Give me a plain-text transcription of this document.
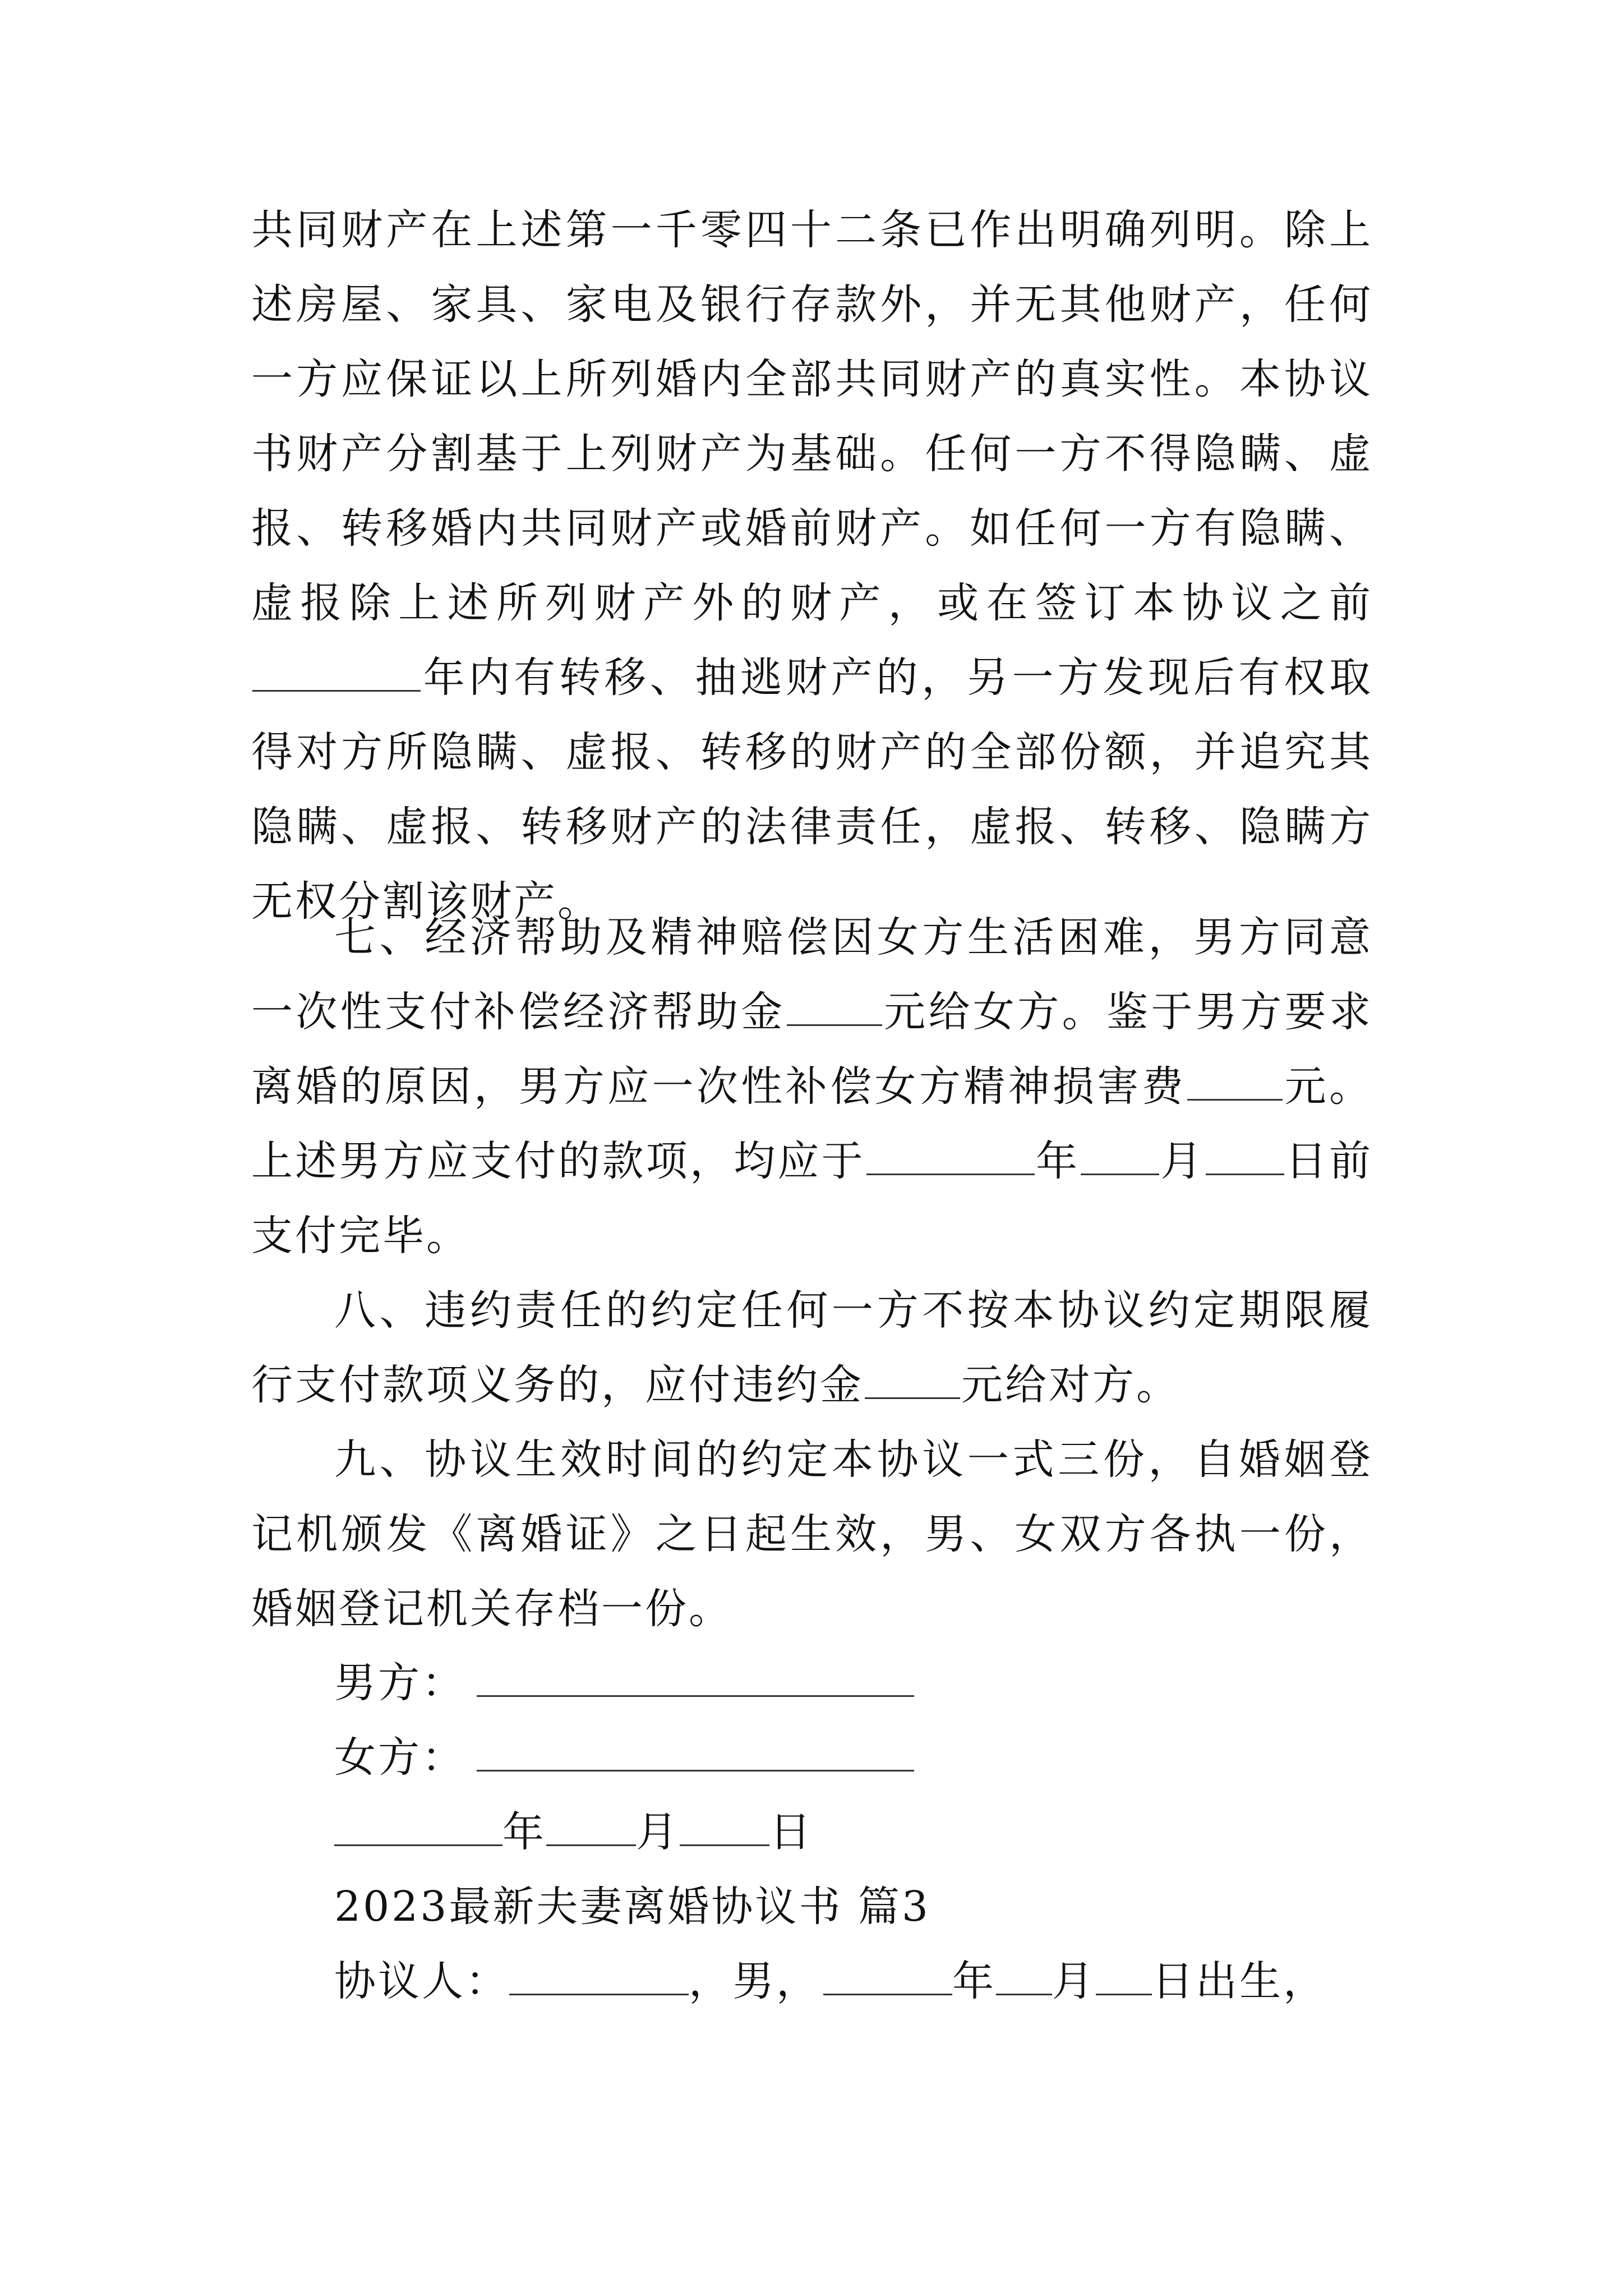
共同财产在上述第一千零四十二条已作出明确列明。除上述房屋、家具、家电及银行存款外，并无其他财产，任何一方应保证以上所列婚内全部共同财产的真实性。本协议书财产分割基于上列财产为基础。任何一方不得隐瞒、虚报、转移婚内共同财产或婚前财产。如任何一方有隐瞒、虚报除上述所列财产外的财产，或在签订本协议之前年内有转移、抽逃财产的，另一方发现后有权取得对方所隐瞒、虚报、转移的财产的全部份额，并追究其隐瞒、虚报、转移财产的法律责任，虚报、转移、隐瞒方无权分割该财产。

七、经济帮助及精神赔偿因女方生活困难，男方同意一次性支付补偿经济帮助金 元给女方。鉴于男方要求离婚的原因，男方应一次性补偿女方精神损害费 元。上述男方应支付的款项，均应于	年 月 日前支付完毕。

八、违约责任的约定任何一方不按本协议约定期限履行支付款项义务的，应付违约金 元给对方。

九、协议生效时间的约定本协议一式三份，自婚姻登记机颁发《离婚证》之日起生效，男、女双方各执一份，婚姻登记机关存档一份。

男方：

女方：

年 月 日

2023最新夫妻离婚协议书 篇3

协议人：	，男，	年 月 日出生，
